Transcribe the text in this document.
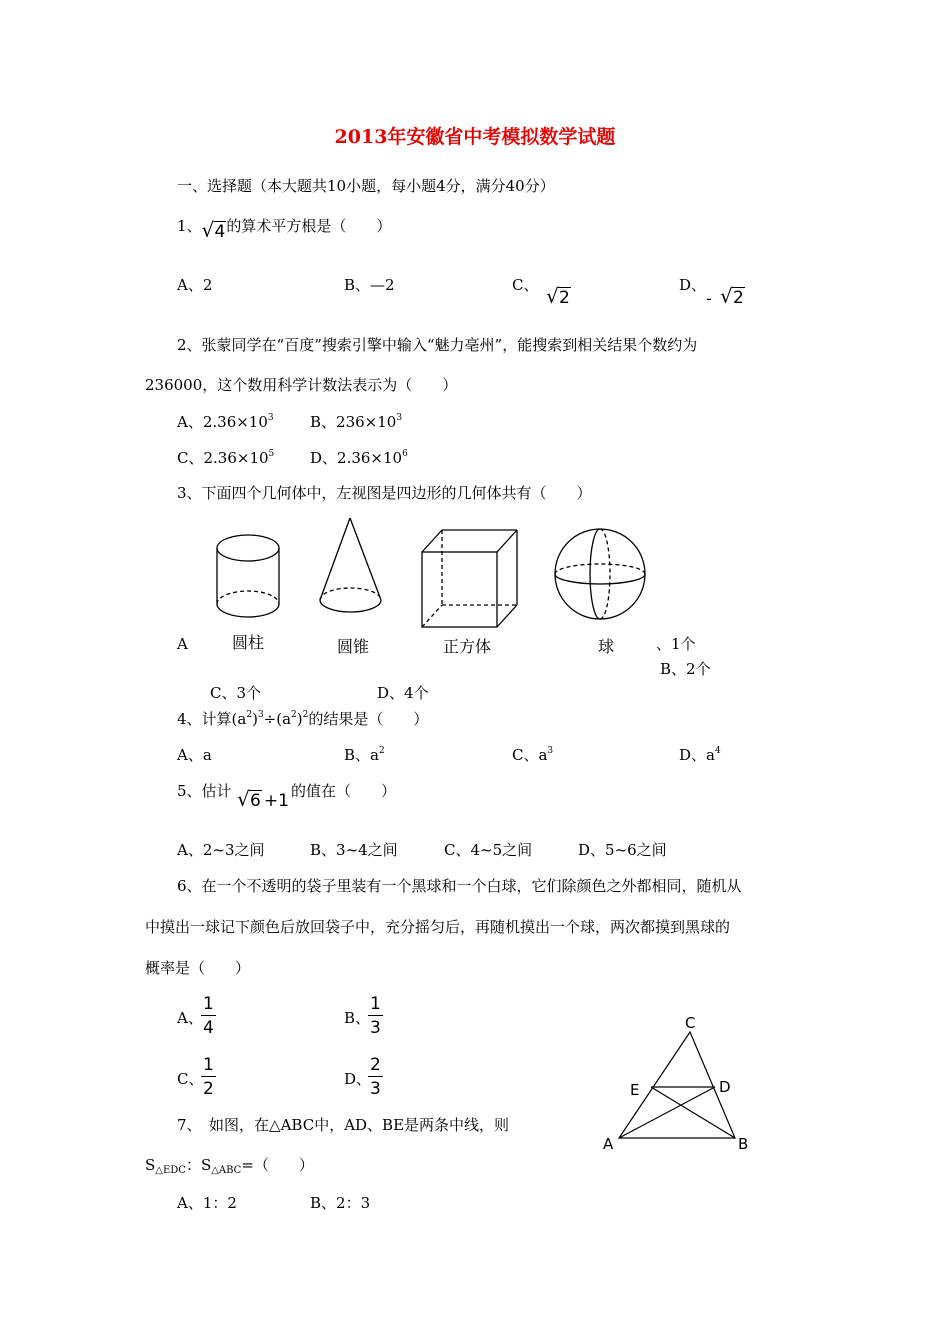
2013年安徽省中考模拟数学试题
一、选择题（本大题共10小题，每小题4分，满分40分）
1、 √ 4的算术平方根是（　　）
A、2	B、—2	C、 √ 2
D、
- √ 2
2、张蒙同学在“百度”搜索引擎中输入“魅力亳州”，能搜索到相关结果个数约为
236000，这个数用科学计数法表示为（　　）
A、$2.36\times 10^3$ B、$236\times 10^3$
C、$2.36\times 10^5$ D、$2.36\times 10^6$
3、下面四个几何体中，左视图是四边形的几何体共有（　　）
A	圆柱	圆锥	正方体	球	、1个
B、2个
C、3个	D、4个
4、计算$(a^2)^3\div(a^2)^2$的结果是（　　）
A、a	B、$a^2$	C、$a^3$	D、$a^4$
5、估计 √ 6 +1 的值在（　　）
A、2~3之间	B、3~4之间	C、4~5之间	D、5~6之间
6、在一个不透明的袋子里装有一个黑球和一个白球，它们除颜色之外都相同，随机从
中摸出一球记下颜色后放回袋子中，充分摇匀后，再随机摸出一个球，两次都摸到黑球的
概率是（　　）
A、
$\frac{1}{4}$	B、
$\frac{1}{3}$
C、
$\frac{1}{2}$	D、
$\frac{2}{3}$
C
E	D
A	B
7、　如图，在△ABC中，AD、BE是两条中线，则
$S_{\triangle EDC}$：$S_{\triangle ABC}=$（　　）
A、1：2	B、2：3
